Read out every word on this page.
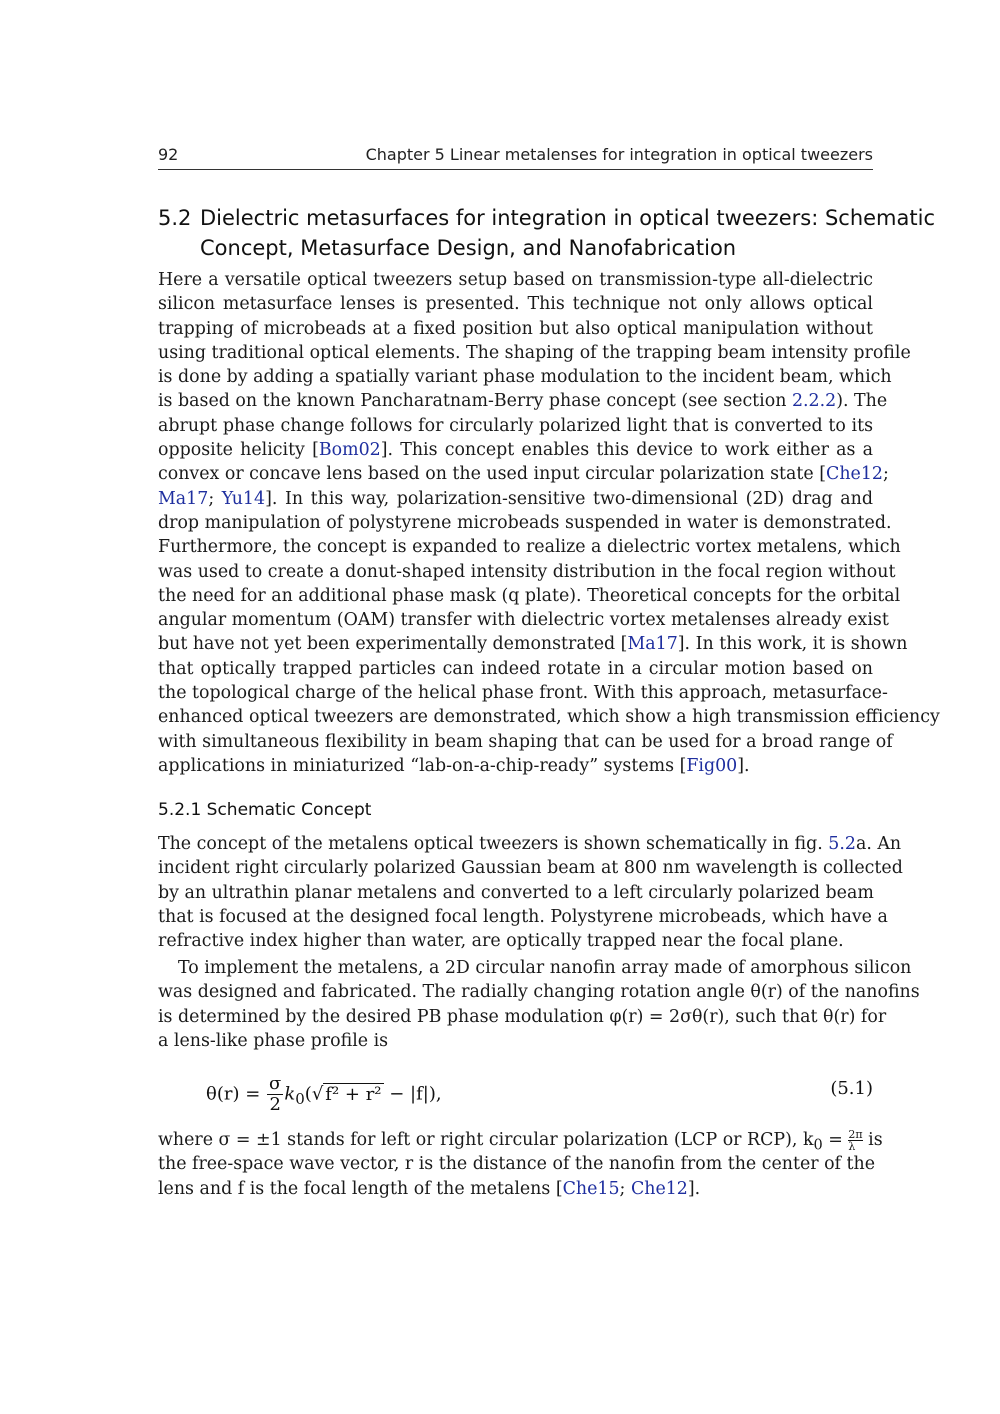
92	Chapter 5 Linear metalenses for integration in optical tweezers
5.2 Dielectric metasurfaces for integration in optical tweezers: Schematic
Concept, Metasurface Design, and Nanofabrication
Here a versatile optical tweezers setup based on transmission-type all-dielectric
silicon metasurface lenses is presented. This technique not only allows optical
trapping of microbeads at a fixed position but also optical manipulation without
using traditional optical elements. The shaping of the trapping beam intensity profile
is done by adding a spatially variant phase modulation to the incident beam, which
is based on the known Pancharatnam-Berry phase concept (see section 2.2.2). The
abrupt phase change follows for circularly polarized light that is converted to its
opposite helicity [Bom02]. This concept enables this device to work either as a
convex or concave lens based on the used input circular polarization state [Che12;
Ma17; Yu14]. In this way, polarization-sensitive two-dimensional (2D) drag and
drop manipulation of polystyrene microbeads suspended in water is demonstrated.
Furthermore, the concept is expanded to realize a dielectric vortex metalens, which
was used to create a donut-shaped intensity distribution in the focal region without
the need for an additional phase mask (q plate). Theoretical concepts for the orbital
angular momentum (OAM) transfer with dielectric vortex metalenses already exist
but have not yet been experimentally demonstrated [Ma17]. In this work, it is shown
that optically trapped particles can indeed rotate in a circular motion based on
the topological charge of the helical phase front. With this approach, metasurface-
enhanced optical tweezers are demonstrated, which show a high transmission efficiency
with simultaneous flexibility in beam shaping that can be used for a broad range of
applications in miniaturized “lab-on-a-chip-ready” systems [Fig00].
5.2.1 Schematic Concept
The concept of the metalens optical tweezers is shown schematically in fig. 5.2a. An
incident right circularly polarized Gaussian beam at 800 nm wavelength is collected
by an ultrathin planar metalens and converted to a left circularly polarized beam
that is focused at the designed focal length. Polystyrene microbeads, which have a
refractive index higher than water, are optically trapped near the focal plane.
To implement the metalens, a 2D circular nanofin array made of amorphous silicon
was designed and fabricated. The radially changing rotation angle θ(r) of the nanofins
is determined by the desired PB phase modulation φ(r) = 2σθ(r), such that θ(r) for
a lens-like phase profile is
$\theta(r) = \frac{\sigma}{2} k_0(√$ f² + r² − |f|),	(5.1)
where σ = ±1 stands for left or right circular polarization (LCP or RCP), $k_0 = \frac{2\pi}{\lambda}$ is
the free-space wave vector, r is the distance of the nanofin from the center of the
lens and f is the focal length of the metalens [Che15; Che12].
